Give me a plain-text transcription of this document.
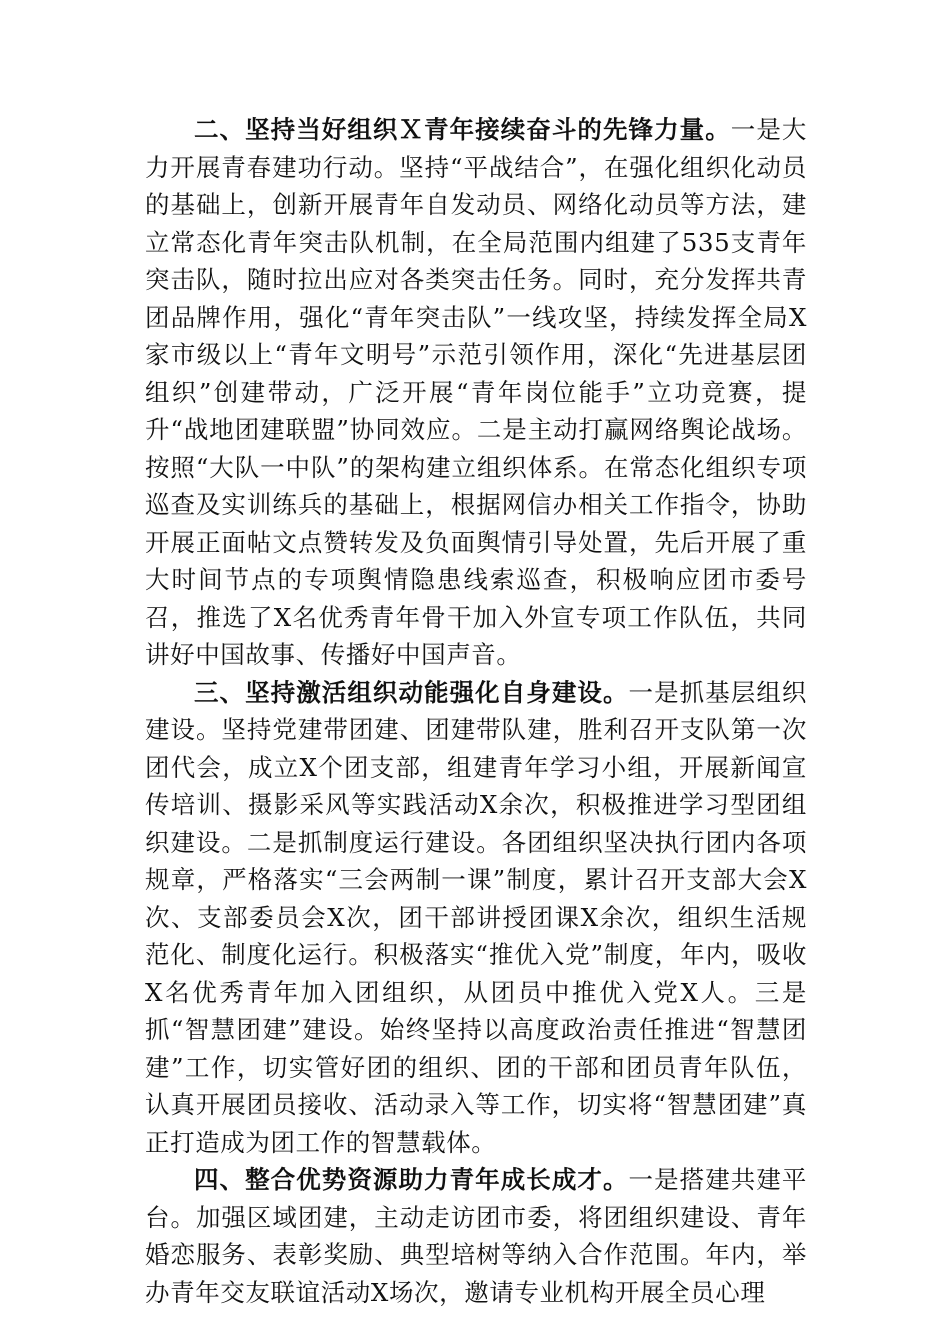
二、坚持当好组织Ｘ青年接续奋斗的先锋力量。一是大力开展青春建功行动。坚持“平战结合”，在强化组织化动员的基础上，创新开展青年自发动员、网络化动员等方法，建立常态化青年突击队机制，在全局范围内组建了535支青年突击队，随时拉出应对各类突击任务。同时，充分发挥共青团品牌作用，强化“青年突击队”一线攻坚，持续发挥全局X家市级以上“青年文明号”示范引领作用，深化“先进基层团组织”创建带动，广泛开展“青年岗位能手”立功竞赛，提升“战地团建联盟”协同效应。二是主动打赢网络舆论战场。按照“大队一中队”的架构建立组织体系。在常态化组织专项巡查及实训练兵的基础上，根据网信办相关工作指令，协助开展正面帖文点赞转发及负面舆情引导处置，先后开展了重大时间节点的专项舆情隐患线索巡查，积极响应团市委号召，推选了X名优秀青年骨干加入外宣专项工作队伍，共同讲好中国故事、传播好中国声音。

三、坚持激活组织动能强化自身建设。一是抓基层组织建设。坚持党建带团建、团建带队建，胜利召开支队第一次团代会，成立X个团支部，组建青年学习小组，开展新闻宣传培训、摄影采风等实践活动X余次，积极推进学习型团组织建设。二是抓制度运行建设。各团组织坚决执行团内各项规章，严格落实“三会两制一课”制度，累计召开支部大会X次、支部委员会X次，团干部讲授团课X余次，组织生活规范化、制度化运行。积极落实“推优入党”制度，年内，吸收X名优秀青年加入团组织，从团员中推优入党X人。三是抓“智慧团建”建设。始终坚持以高度政治责任推进“智慧团建”工作，切实管好团的组织、团的干部和团员青年队伍，认真开展团员接收、活动录入等工作，切实将“智慧团建”真正打造成为团工作的智慧载体。

四、整合优势资源助力青年成长成才。一是搭建共建平台。加强区域团建，主动走访团市委，将团组织建设、青年婚恋服务、表彰奖励、典型培树等纳入合作范围。年内，举办青年交友联谊活动X场次，邀请专业机构开展全员心理
